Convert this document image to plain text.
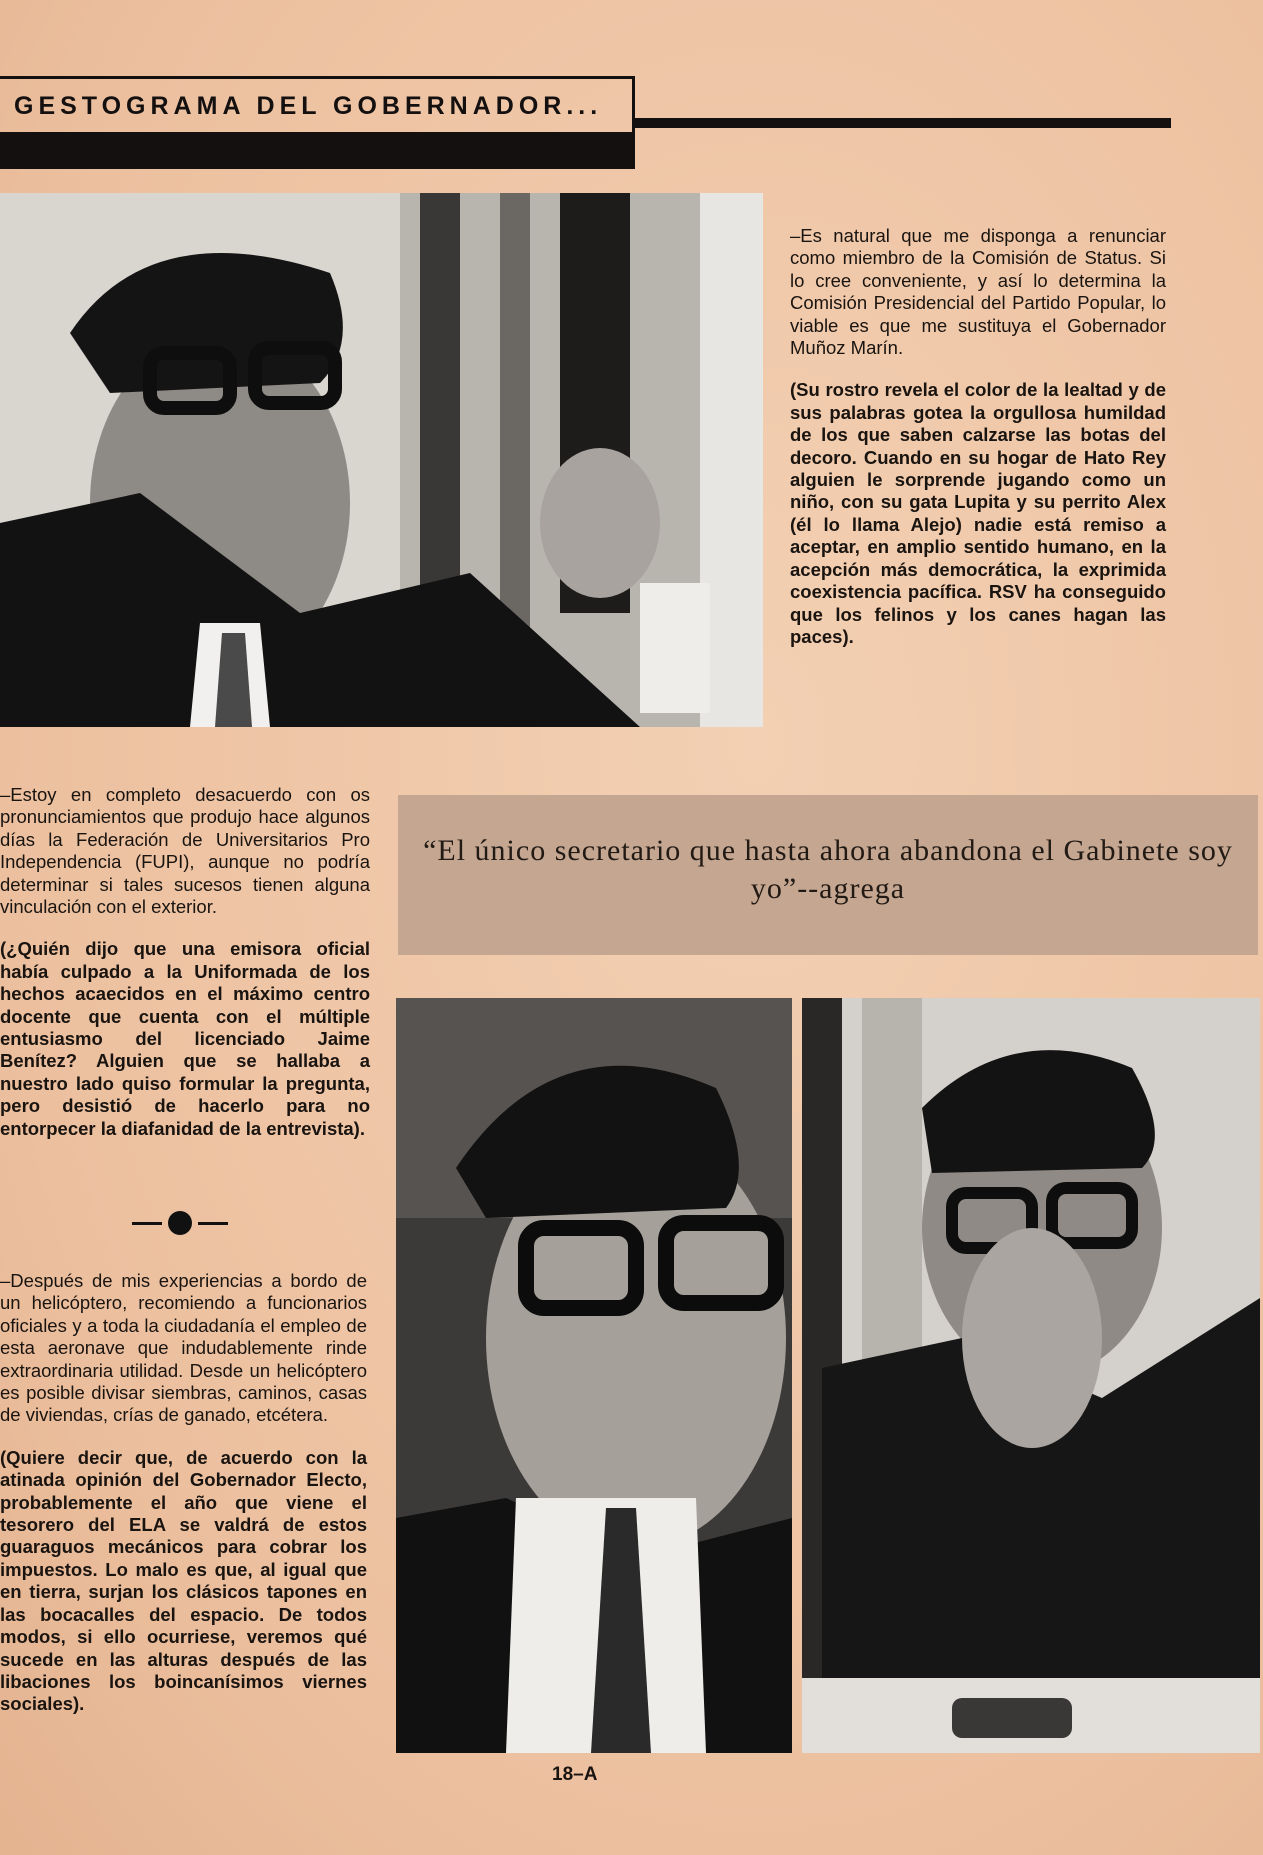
GESTOGRAMA DEL GOBERNADOR...

–Es natural que me disponga a renunciar como miembro de la Comisión de Status. Si lo cree conveniente, y así lo determina la Comisión Presidencial del Partido Popular, lo viable es que me sustituya el Gobernador Muñoz Marín.

(Su rostro revela el color de la lealtad y de sus palabras gotea la orgullosa humildad de los que saben calzarse las botas del decoro. Cuando en su hogar de Hato Rey alguien le sorprende jugando como un niño, con su gata Lupita y su perrito Alex (él lo llama Alejo) nadie está remiso a aceptar, en amplio sentido humano, en la acepción más democrática, la exprimida coexistencia pacífica. RSV ha conseguido que los felinos y los canes hagan las paces).

“El único secretario que hasta ahora abandona el Gabinete soy yo”--agrega

–Estoy en completo desacuerdo con os pronunciamientos que produjo hace algunos días la Federación de Universitarios Pro Independencia (FUPI), aunque no podría determinar si tales sucesos tienen alguna vinculación con el exterior.

(¿Quién dijo que una emisora oficial había culpado a la Uniformada de los hechos acaecidos en el máximo centro docente que cuenta con el múltiple entusiasmo del licenciado Jaime Benítez? Alguien que se hallaba a nuestro lado quiso formular la pregunta, pero desistió de hacerlo para no entorpecer la diafanidad de la entrevista).

–Después de mis experiencias a bordo de un helicóptero, recomiendo a funcionarios oficiales y a toda la ciudadanía el empleo de esta aeronave que indudablemente rinde extraordinaria utilidad. Desde un helicóptero es posible divisar siembras, caminos, casas de viviendas, crías de ganado, etcétera.

(Quiere decir que, de acuerdo con la atinada opinión del Gobernador Electo, probablemente el año que viene el tesorero del ELA se valdrá de estos guaraguos mecánicos para cobrar los impuestos. Lo malo es que, al igual que en tierra, surjan los clásicos tapones en las bocacalles del espacio. De todos modos, si ello ocurriese, veremos qué sucede en las alturas después de las libaciones los boincanísimos viernes sociales).

18–A
